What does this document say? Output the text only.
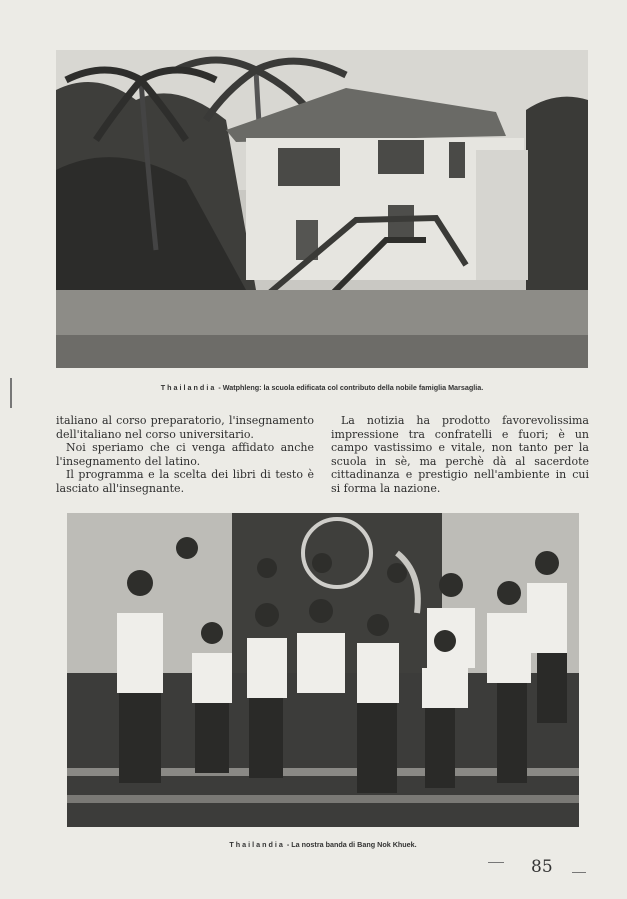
Thailandia - Watphleng: la scuola edificata col contributo della nobile famiglia Marsaglia.

italiano al corso preparatorio, l'insegnamento dell'italiano nel corso universitario.

Noi speriamo che ci venga affidato anche l'insegnamento del latino.

Il programma e la scelta dei libri di testo è lasciato all'insegnante.

La notizia ha prodotto favorevolissima impressione tra confratelli e fuori; è un campo vastissimo e vitale, non tanto per la scuola in sè, ma perchè dà al sacerdote cittadinanza e prestigio nell'ambiente in cui si forma la nazione.

Thailandia - La nostra banda di Bang Nok Khuek.
85
